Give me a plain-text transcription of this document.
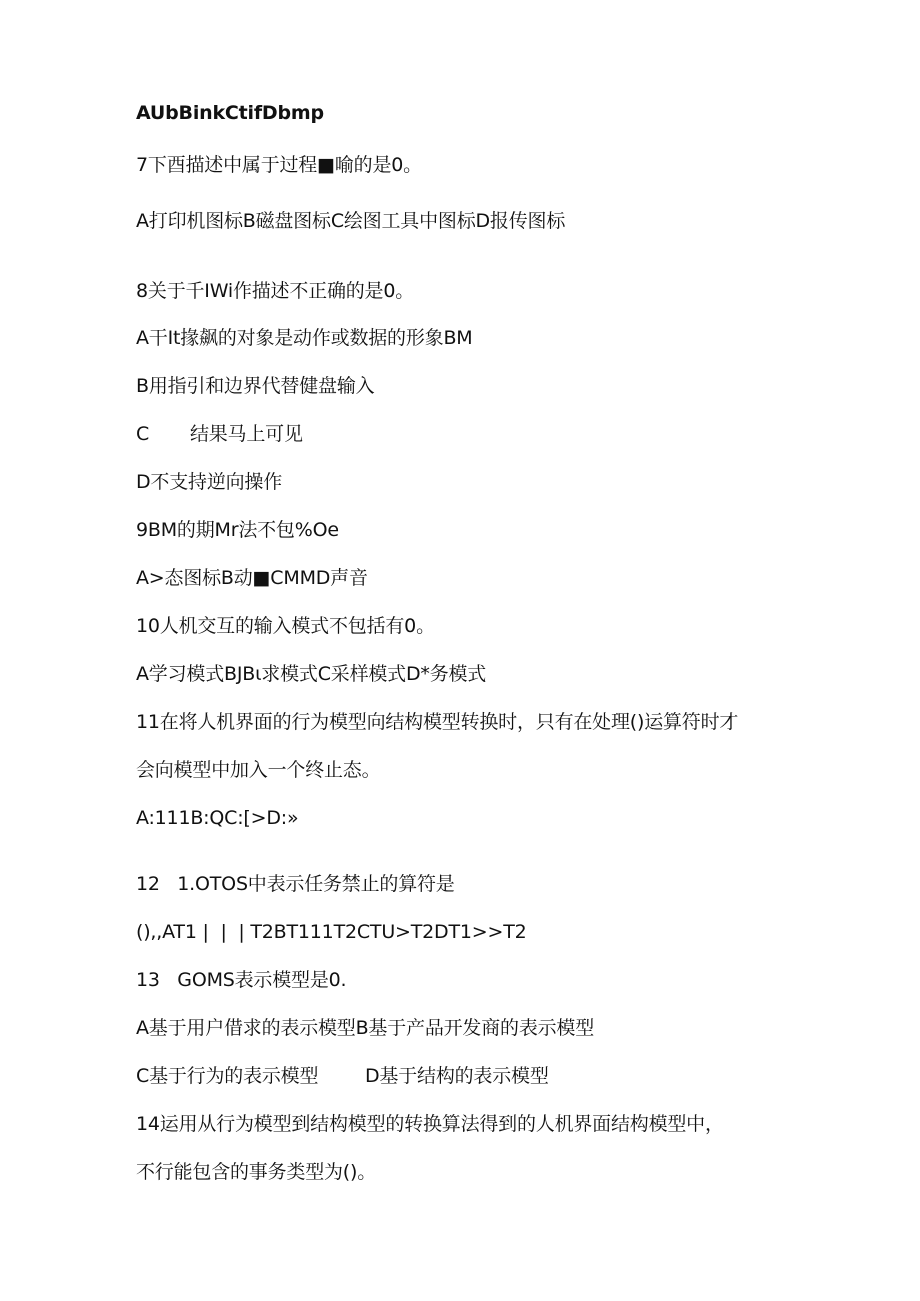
AUbBinkCtifDbmp
7下酉描述中属于过程■喻的是0。
A打印机图标B磁盘图标C绘图工具中图标D报传图标
8关于千IWi作描述不正确的是0。
A干It掾飙的对象是动作或数据的形象BM
B用指引和边界代替健盘输入
C       结果马上可见
D不支持逆向操作
9BM的期Mr法不包%Oe
A>态图标B动■CMMD声音
10人机交互的输入模式不包括有0。
A学习模式BJBι求模式C采样模式D*务模式
11在将人机界面的行为模型向结构模型转换时，只有在处理()运算符时才
会向模型中加入一个终止态。
A:111B:QC:[>D:»
12   1.OTOS中表示任务禁止的算符是
(),,AT1 |  |  | T2BT111T2CTU>T2DT1>>T2
13   GOMS表示模型是0.
A基于用户借求的表示模型B基于产品开发商的表示模型
C基于行为的表示模型        D基于结构的表示模型
14运用从行为模型到结构模型的转换算法得到的人机界面结构模型中，
不行能包含的事务类型为()。
